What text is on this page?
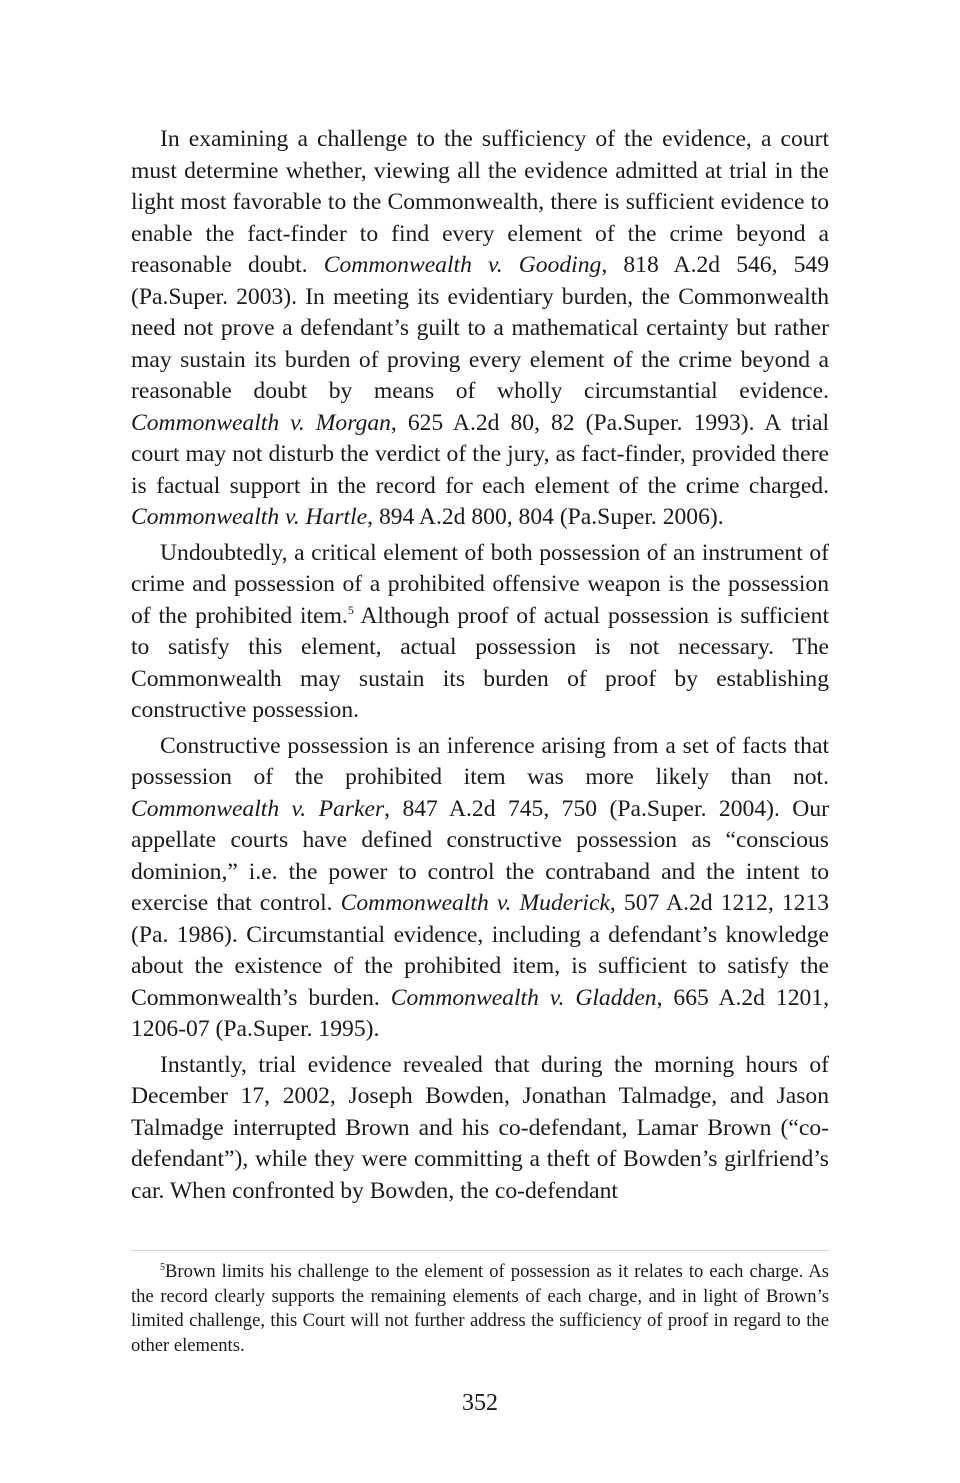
In examining a challenge to the sufficiency of the evidence, a court must determine whether, viewing all the evidence admitted at trial in the light most favorable to the Commonwealth, there is sufficient evidence to enable the fact-finder to find every element of the crime beyond a reasonable doubt. Commonwealth v. Gooding, 818 A.2d 546, 549 (Pa.Super. 2003). In meeting its evidentiary burden, the Commonwealth need not prove a defendant’s guilt to a mathematical certainty but rather may sustain its burden of proving every element of the crime beyond a reasonable doubt by means of wholly circumstantial evidence. Commonwealth v. Morgan, 625 A.2d 80, 82 (Pa.Super. 1993). A trial court may not disturb the verdict of the jury, as fact-finder, provided there is factual support in the record for each element of the crime charged. Commonwealth v. Hartle, 894 A.2d 800, 804 (Pa.Super. 2006).

Undoubtedly, a critical element of both possession of an instrument of crime and possession of a prohibited offensive weapon is the possession of the prohibited item.$^5$ Although proof of actual possession is sufficient to satisfy this element, actual possession is not necessary. The Commonwealth may sustain its burden of proof by establishing constructive possession.

Constructive possession is an inference arising from a set of facts that possession of the prohibited item was more likely than not. Commonwealth v. Parker, 847 A.2d 745, 750 (Pa.Super. 2004). Our appellate courts have defined constructive possession as “conscious dominion,” i.e. the power to control the contraband and the intent to exercise that control. Commonwealth v. Muderick, 507 A.2d 1212, 1213 (Pa. 1986). Circumstantial evidence, including a defendant’s knowledge about the existence of the prohibited item, is sufficient to satisfy the Commonwealth’s burden. Commonwealth v. Gladden, 665 A.2d 1201, 1206-07 (Pa.Super. 1995).

Instantly, trial evidence revealed that during the morning hours of December 17, 2002, Joseph Bowden, Jonathan Talmadge, and Jason Talmadge interrupted Brown and his co-defendant, Lamar Brown (“co-defendant”), while they were committing a theft of Bowden’s girlfriend’s car. When confronted by Bowden, the co-defendant

$^5$Brown limits his challenge to the element of possession as it relates to each charge. As the record clearly supports the remaining elements of each charge, and in light of Brown’s limited challenge, this Court will not further address the sufficiency of proof in regard to the other elements.

352
